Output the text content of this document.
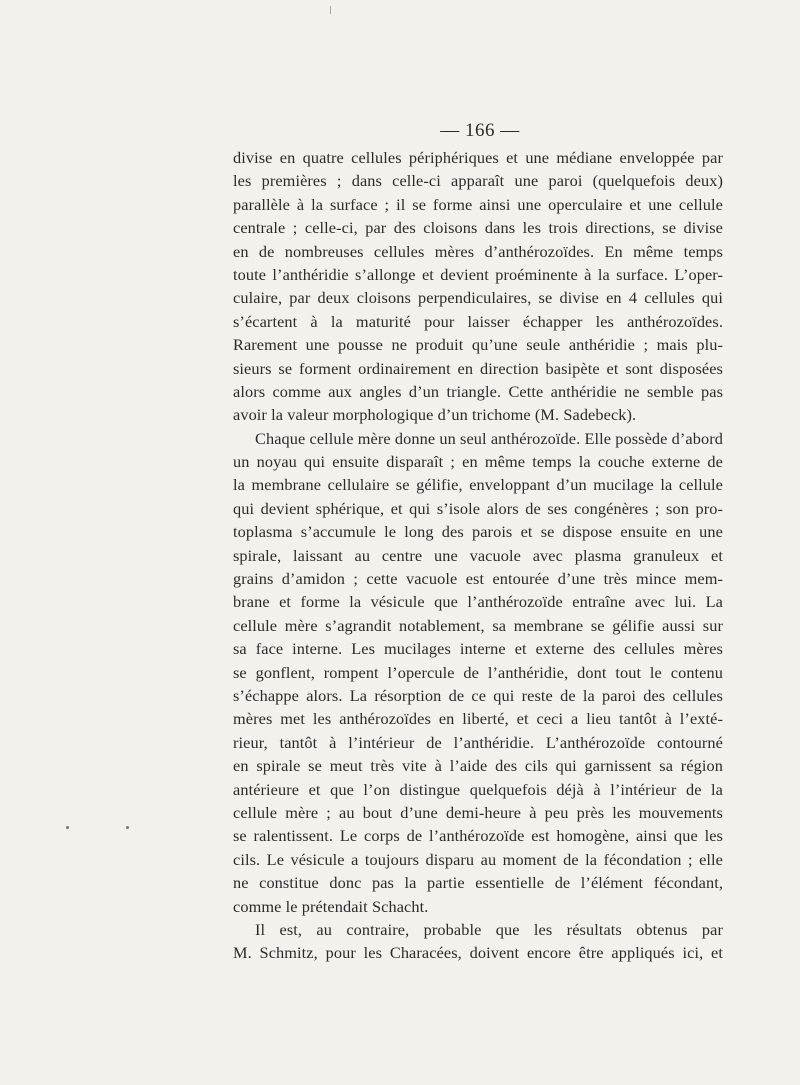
— 166 —
divise en quatre cellules périphériques et une médiane enveloppée par
les premières ; dans celle-ci apparaît une paroi (quelquefois deux)
parallèle à la surface ; il se forme ainsi une operculaire et une cellule
centrale ; celle-ci, par des cloisons dans les trois directions, se divise
en de nombreuses cellules mères d’anthérozoïdes. En même temps
toute l’anthéridie s’allonge et devient proéminente à la surface. L’oper-
culaire, par deux cloisons perpendiculaires, se divise en 4 cellules qui
s’écartent à la maturité pour laisser échapper les anthérozoïdes.
Rarement une pousse ne produit qu’une seule anthéridie ; mais plu-
sieurs se forment ordinairement en direction basipète et sont disposées
alors comme aux angles d’un triangle. Cette anthéridie ne semble pas
avoir la valeur morphologique d’un trichome (M. Sadebeck).
Chaque cellule mère donne un seul anthérozoïde. Elle possède d’abord
un noyau qui ensuite disparaît ; en même temps la couche externe de
la membrane cellulaire se gélifie, enveloppant d’un mucilage la cellule
qui devient sphérique, et qui s’isole alors de ses congénères ; son pro-
toplasma s’accumule le long des parois et se dispose ensuite en une
spirale, laissant au centre une vacuole avec plasma granuleux et
grains d’amidon ; cette vacuole est entourée d’une très mince mem-
brane et forme la vésicule que l’anthérozoïde entraîne avec lui. La
cellule mère s’agrandit notablement, sa membrane se gélifie aussi sur
sa face interne. Les mucilages interne et externe des cellules mères
se gonflent, rompent l’opercule de l’anthéridie, dont tout le contenu
s’échappe alors. La résorption de ce qui reste de la paroi des cellules
mères met les anthérozoïdes en liberté, et ceci a lieu tantôt à l’exté-
rieur, tantôt à l’intérieur de l’anthéridie. L’anthérozoïde contourné
en spirale se meut très vite à l’aide des cils qui garnissent sa région
antérieure et que l’on distingue quelquefois déjà à l’intérieur de la
cellule mère ; au bout d’une demi-heure à peu près les mouvements
se ralentissent. Le corps de l’anthérozoïde est homogène, ainsi que les
cils. Le vésicule a toujours disparu au moment de la fécondation ; elle
ne constitue donc pas la partie essentielle de l’élément fécondant,
comme le prétendait Schacht.
Il est, au contraire, probable que les résultats obtenus par
M. Schmitz, pour les Characées, doivent encore être appliqués ici, et
